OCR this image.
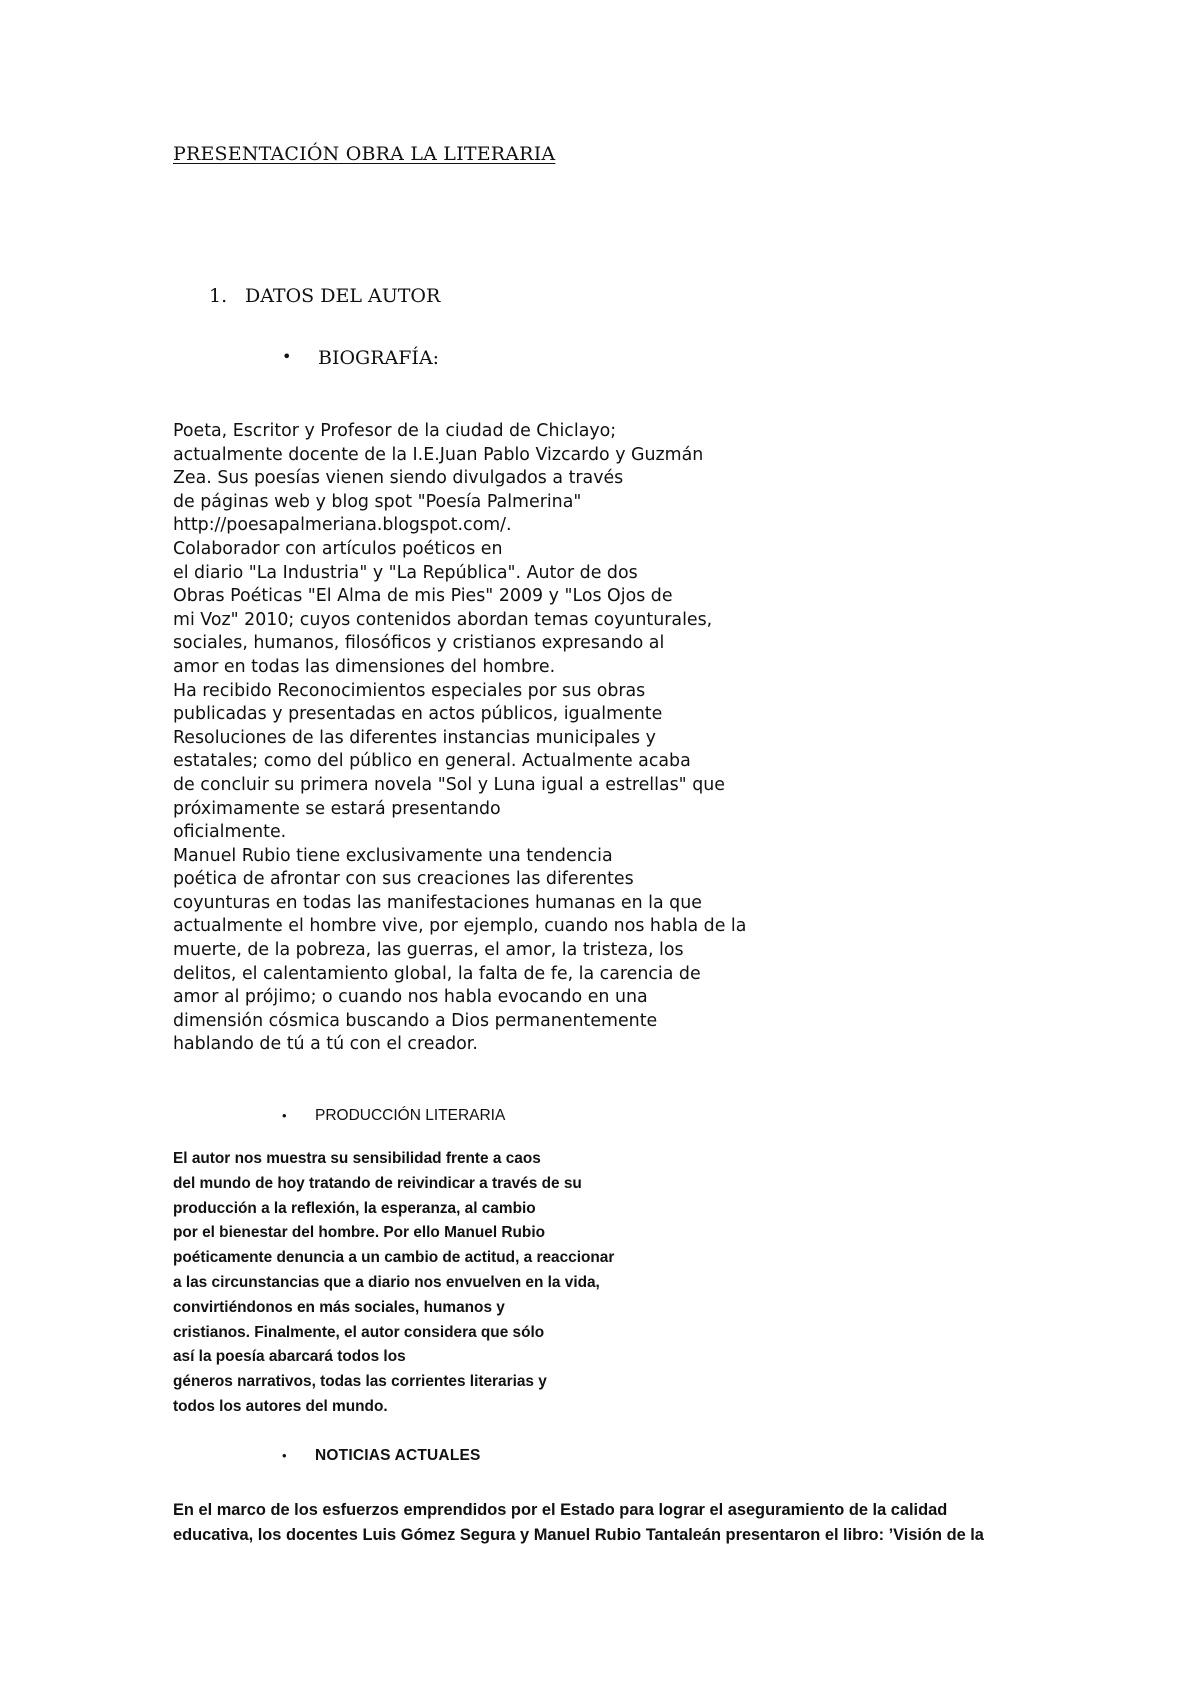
PRESENTACIÓN OBRA LA LITERARIA
1. DATOS DEL AUTOR
• BIOGRAFÍA:
Poeta, Escritor y Profesor de la ciudad de Chiclayo;
actualmente docente de la I.E.Juan Pablo Vizcardo y Guzmán
Zea. Sus poesías vienen siendo divulgados a través
de páginas web y blog spot "Poesía Palmerina"
http://poesapalmeriana.blogspot.com/.
Colaborador con artículos poéticos en
el diario "La Industria" y "La República". Autor de dos
Obras Poéticas "El Alma de mis Pies" 2009 y "Los Ojos de
mi Voz" 2010; cuyos contenidos abordan temas coyunturales,
sociales, humanos, filosóficos y cristianos expresando al
amor en todas las dimensiones del hombre.
Ha recibido Reconocimientos especiales por sus obras
publicadas y presentadas en actos públicos, igualmente
Resoluciones de las diferentes instancias municipales y
estatales; como del público en general. Actualmente acaba
de concluir su primera novela "Sol y Luna igual a estrellas" que
próximamente se estará presentando
oficialmente.
Manuel Rubio tiene exclusivamente una tendencia
poética de afrontar con sus creaciones las diferentes
coyunturas en todas las manifestaciones humanas en la que
actualmente el hombre vive, por ejemplo, cuando nos habla de la
muerte, de la pobreza, las guerras, el amor, la tristeza, los
delitos, el calentamiento global, la falta de fe, la carencia de
amor al prójimo; o cuando nos habla evocando en una
dimensión cósmica buscando a Dios permanentemente
hablando de tú a tú con el creador.
• PRODUCCIÓN LITERARIA
El autor nos muestra su sensibilidad frente a caos
del mundo de hoy tratando de reivindicar a través de su
producción a la reflexión, la esperanza, al cambio
por el bienestar del hombre. Por ello Manuel Rubio
poéticamente denuncia a un cambio de actitud, a reaccionar
a las circunstancias que a diario nos envuelven en la vida,
convirtiéndonos en más sociales, humanos y
cristianos. Finalmente, el autor considera que sólo
así la poesía abarcará todos los
géneros narrativos, todas las corrientes literarias y
todos los autores del mundo.
• NOTICIAS ACTUALES
En el marco de los esfuerzos emprendidos por el Estado para lograr el aseguramiento de la calidad
educativa, los docentes Luis Gómez Segura y Manuel Rubio Tantaleán presentaron el libro: ’Visión de la
